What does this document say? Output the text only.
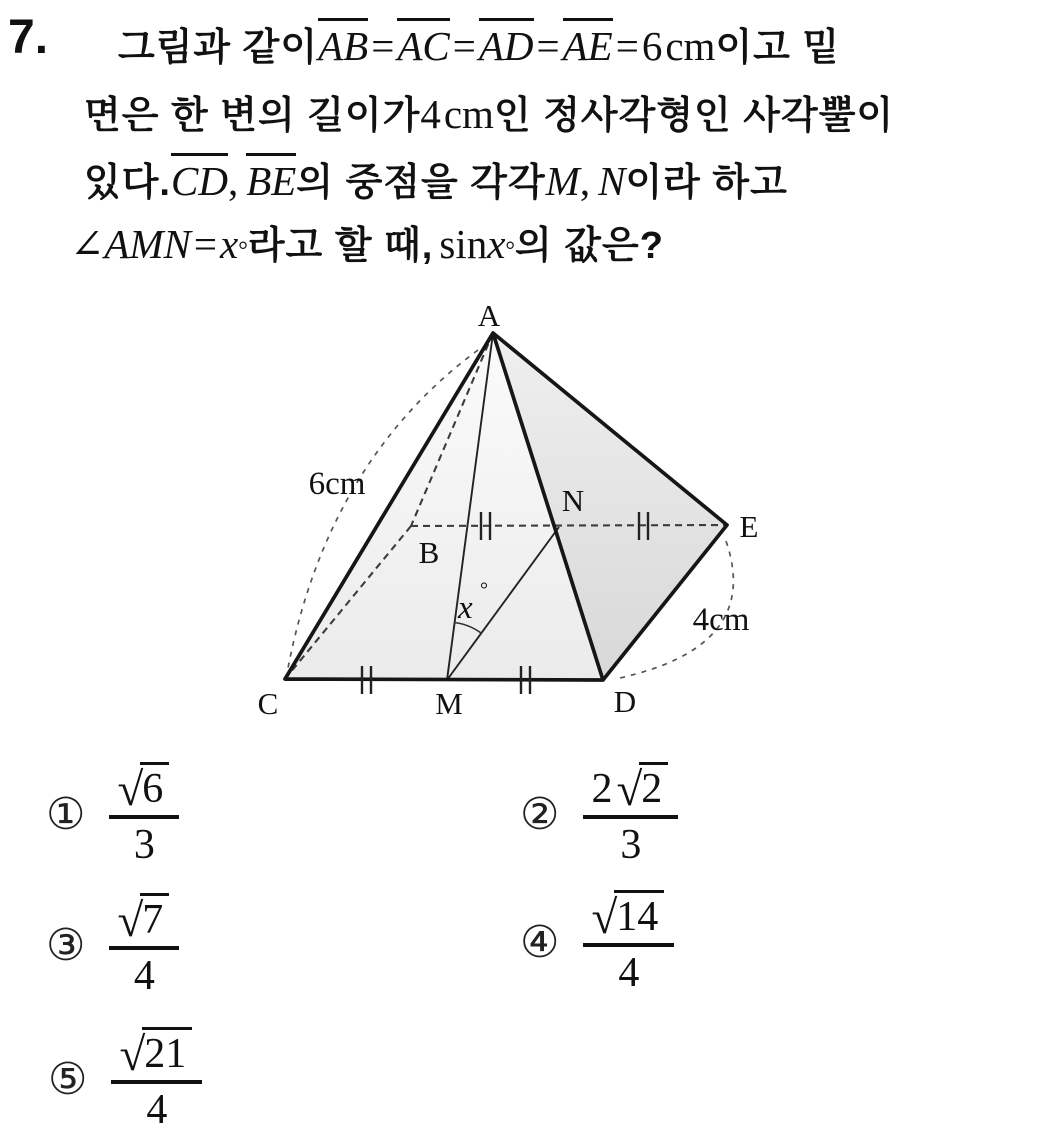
7. 그림과 같이 AB = AC = AD = AE = 6 cm 이고 밑
면은 한 변의 길이가 4 cm 인 정사각형인 사각뿔이
있다. CD , BE 의 중점을 각각 M , N 이라 하고
∠ AMN = x ° 라고 할 때, sin x ° 의 값은?
A
B
C	D
E
M
N
6cm
4cm
x °
① $\frac{√ 6}{3}$	② $\frac{2 √ 2}{3}$
③ $\frac{√ 7}{4}$	④ $\frac{√ 14}{4}$
⑤ $\frac{√ 21}{4}$
